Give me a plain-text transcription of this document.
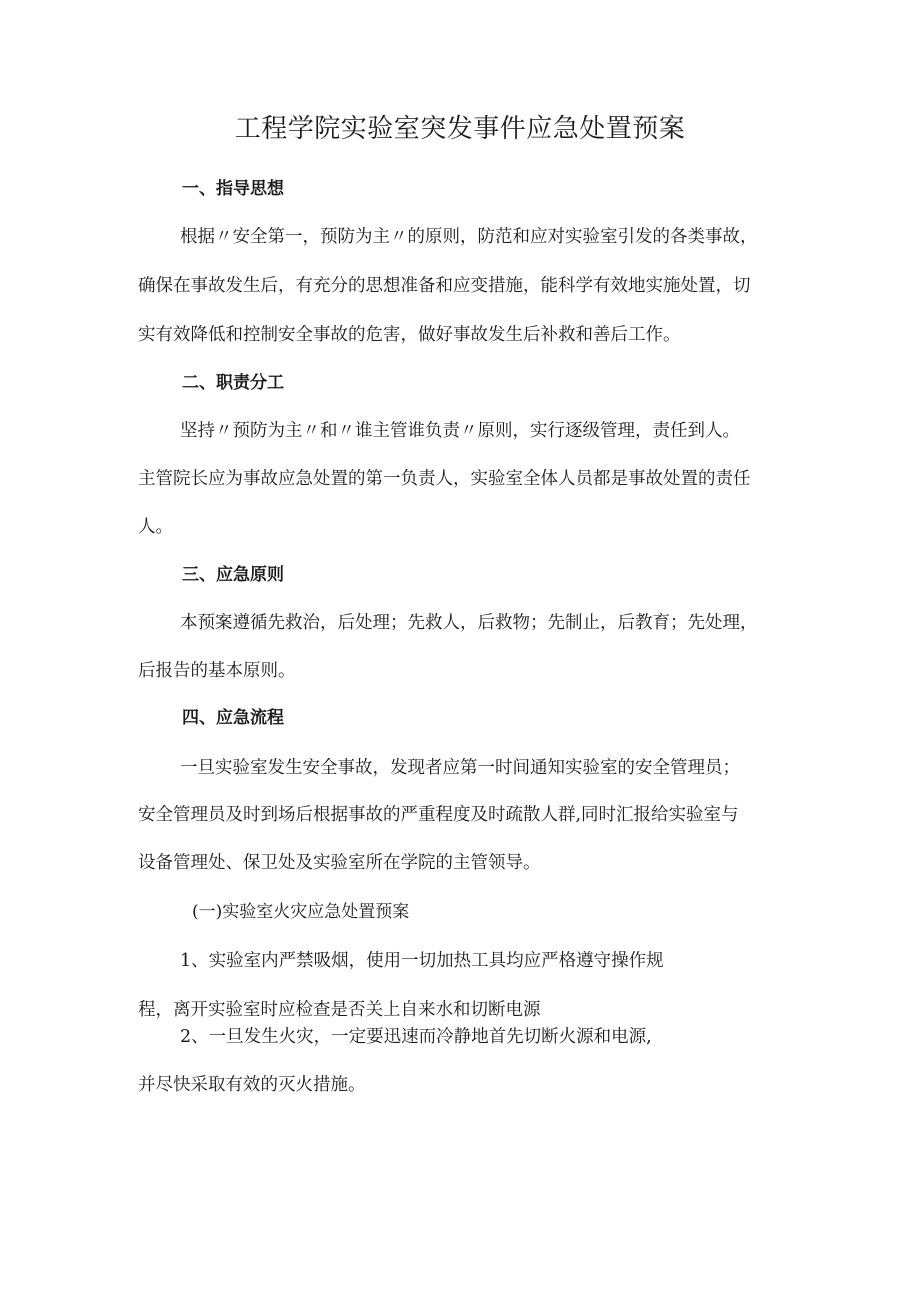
工程学院实验室突发事件应急处置预案
一、指导思想
根据〃安全第一，预防为主〃的原则，防范和应对实验室引发的各类事故，
确保在事故发生后，有充分的思想准备和应变措施，能科学有效地实施处置，切
实有效降低和控制安全事故的危害，做好事故发生后补救和善后工作。
二、职责分工
坚持〃预防为主〃和〃谁主管谁负责〃原则，实行逐级管理，责任到人。
主管院长应为事故应急处置的第一负责人，实验室全体人员都是事故处置的责任
人。
三、应急原则
本预案遵循先救治，后处理；先救人，后救物；先制止，后教育；先处理，
后报告的基本原则。
四、应急流程
一旦实验室发生安全事故，发现者应第一时间通知实验室的安全管理员；
安全管理员及时到场后根据事故的严重程度及时疏散人群,同时汇报给实验室与
设备管理处、保卫处及实验室所在学院的主管领导。
(一)实验室火灾应急处置预案
1、实验室内严禁吸烟，使用一切加热工具均应严格遵守操作规
程，离开实验室时应检查是否关上自来水和切断电源
2、一旦发生火灾，一定要迅速而冷静地首先切断火源和电源,
并尽快采取有效的灭火措施。
